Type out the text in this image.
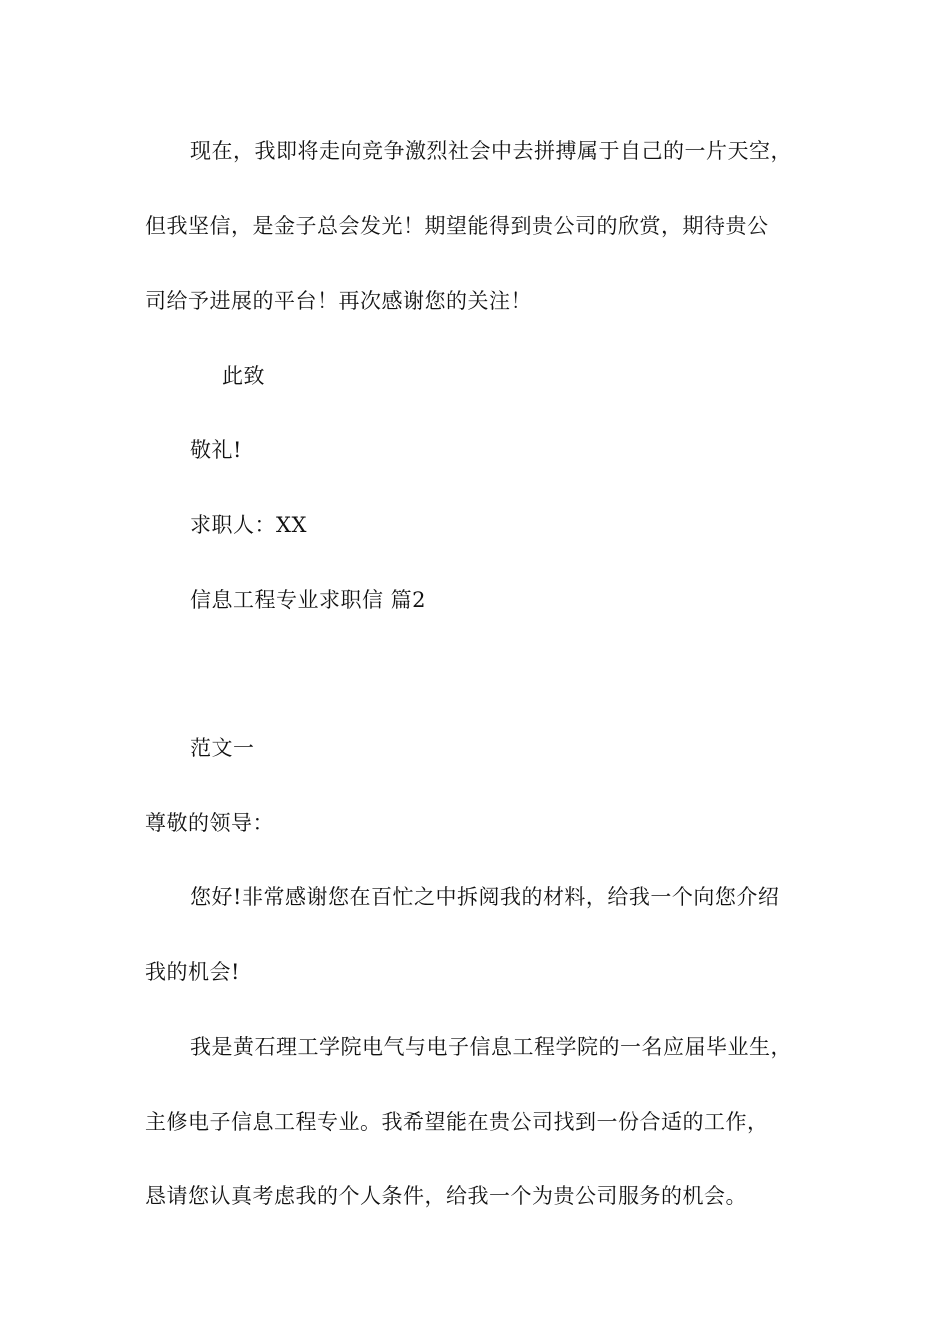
现在，我即将走向竞争激烈社会中去拼搏属于自己的一片天空，
但我坚信，是金子总会发光！期望能得到贵公司的欣赏，期待贵公
司给予进展的平台！再次感谢您的关注！
此致
敬礼!
求职人：XX
信息工程专业求职信 篇2
范文一
尊敬的领导：
您好!非常感谢您在百忙之中拆阅我的材料，给我一个向您介绍
我的机会!
我是黄石理工学院电气与电子信息工程学院的一名应届毕业生，
主修电子信息工程专业。我希望能在贵公司找到一份合适的工作，
恳请您认真考虑我的个人条件，给我一个为贵公司服务的机会。
